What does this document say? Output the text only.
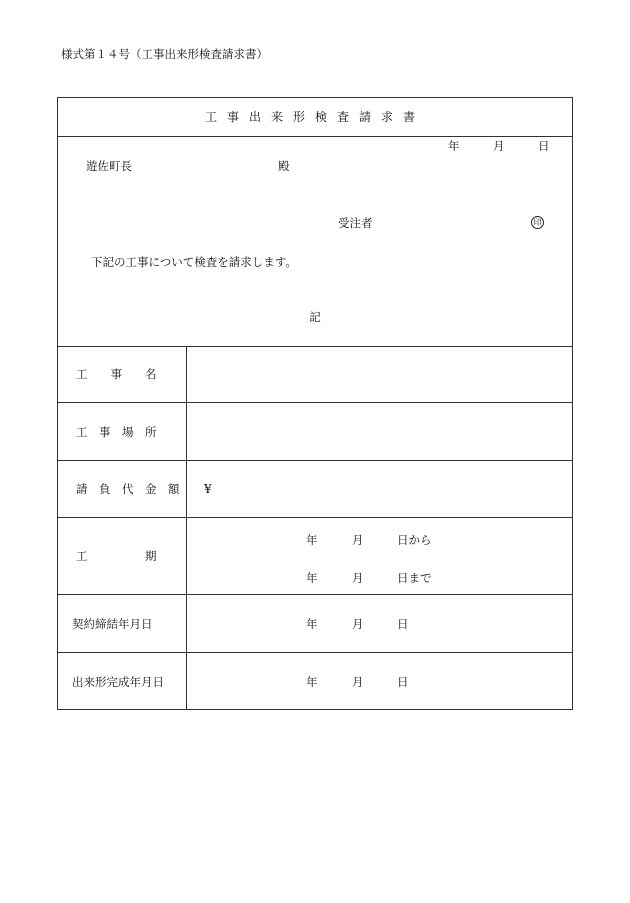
様式第１４号（工事出来形検査請求書）
工事出来形検査請求書
年	月	日
遊佐町長	殿
受注者	印
下記の工事について検査を請求します。
記
工　　事　　名
工　事　場　所
請　負　代　金　額 ¥
工　　　　　期
年	月	日から
年	月	日まで
契約締結年月日	年	月	日
出来形完成年月日	年	月	日
